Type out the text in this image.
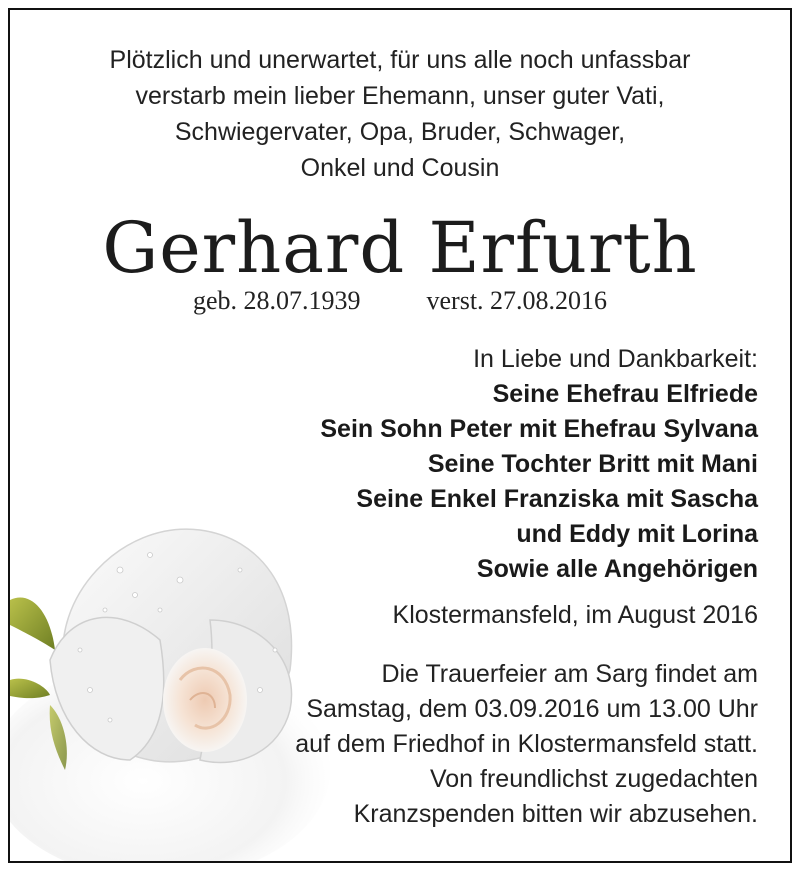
Plötzlich und unerwartet, für uns alle noch unfassbar
verstarb mein lieber Ehemann, unser guter Vati,
Schwiegervater, Opa, Bruder, Schwager,
Onkel und Cousin
Gerhard Erfurth
geb. 28.07.1939	verst. 27.08.2016
In Liebe und Dankbarkeit:
Seine Ehefrau Elfriede
Sein Sohn Peter mit Ehefrau Sylvana
Seine Tochter Britt mit Mani
Seine Enkel Franziska mit Sascha
und Eddy mit Lorina
Sowie alle Angehörigen
Klostermansfeld, im August 2016
Die Trauerfeier am Sarg findet am
Samstag, dem 03.09.2016 um 13.00 Uhr
auf dem Friedhof in Klostermansfeld statt.
Von freundlichst zugedachten
Kranzspenden bitten wir abzusehen.
